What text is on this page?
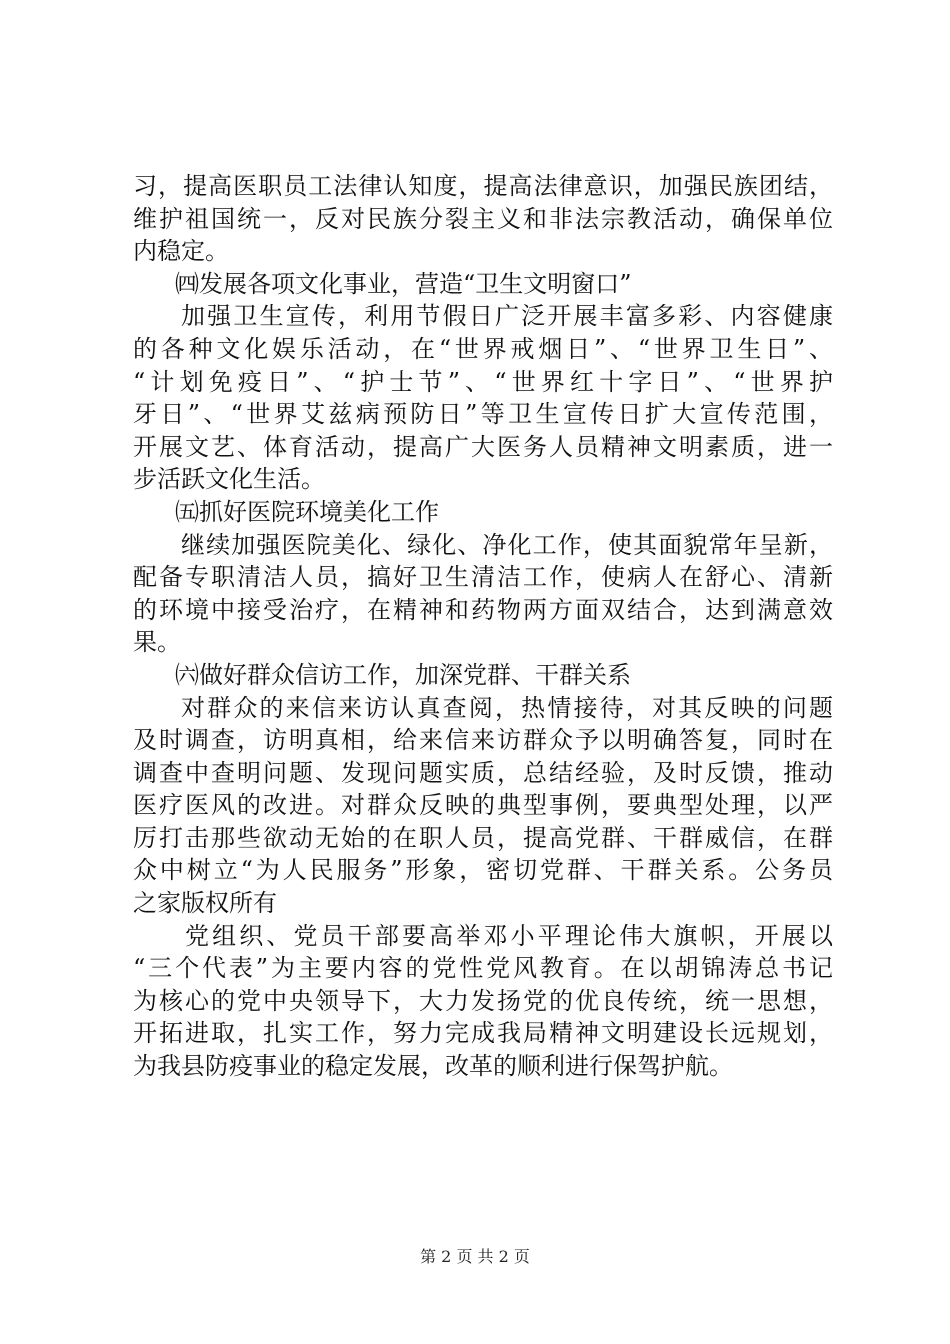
习，提高医职员工法律认知度，提高法律意识，加强民族团结，
维护祖国统一，反对民族分裂主义和非法宗教活动，确保单位
内稳定。
㈣发展各项文化事业，营造“卫生文明窗口”
加强卫生宣传，利用节假日广泛开展丰富多彩、内容健康
的各种文化娱乐活动，在“世界戒烟日”、“世界卫生日”、
“计划免疫日”、“护士节”、“世界红十字日”、“世界护
牙日”、“世界艾兹病预防日”等卫生宣传日扩大宣传范围，
开展文艺、体育活动，提高广大医务人员精神文明素质，进一
步活跃文化生活。
㈤抓好医院环境美化工作
继续加强医院美化、绿化、净化工作，使其面貌常年呈新，
配备专职清洁人员，搞好卫生清洁工作，使病人在舒心、清新
的环境中接受治疗，在精神和药物两方面双结合，达到满意效
果。
㈥做好群众信访工作，加深党群、干群关系
对群众的来信来访认真查阅，热情接待，对其反映的问题
及时调查，访明真相，给来信来访群众予以明确答复，同时在
调查中查明问题、发现问题实质，总结经验，及时反馈，推动
医疗医风的改进。对群众反映的典型事例，要典型处理，以严
厉打击那些欲动无始的在职人员，提高党群、干群威信，在群
众中树立“为人民服务”形象，密切党群、干群关系。公务员
之家版权所有
党组织、党员干部要高举邓小平理论伟大旗帜，开展以
“三个代表”为主要内容的党性党风教育。在以胡锦涛总书记
为核心的党中央领导下，大力发扬党的优良传统，统一思想，
开拓进取，扎实工作，努力完成我局精神文明建设长远规划，
为我县防疫事业的稳定发展，改革的顺利进行保驾护航。
第 2 页 共 2 页
